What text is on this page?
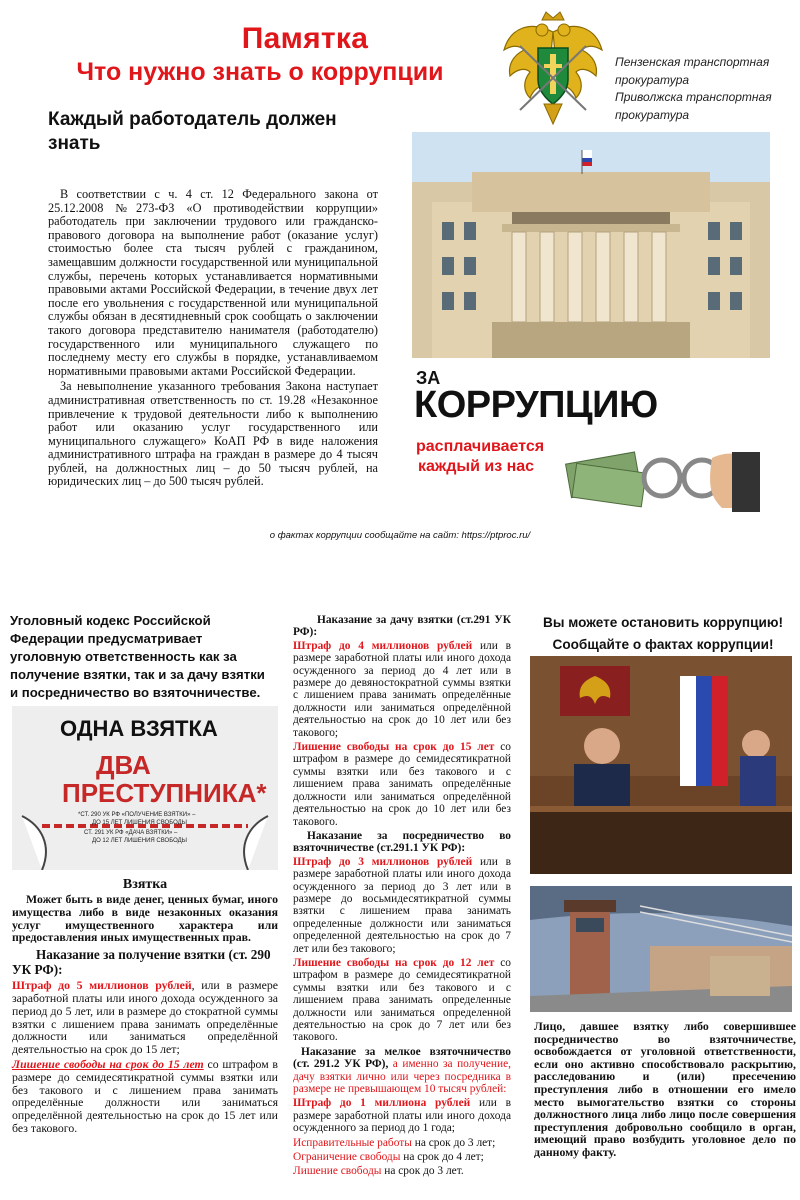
Памятка
Что нужно знать о коррупции	Пензенская транспортная прокуратура
Приволжска транспортная прокуратура
Каждый работодатель должен знать

В соответствии с ч. 4 ст. 12 Федерального закона от 25.12.2008 №273-ФЗ «О противодействии коррупции» работодатель при заключении трудового или гражданско-правового договора на выполнение работ (оказание услуг) стоимостью более ста тысяч рублей с гражданином, замещавшим должности государственной или муниципальной службы, перечень которых устанавливается нормативными правовыми актами Российской Федерации, в течение двух лет после его увольнения с государственной или муниципальной службы обязан в десятидневный срок сообщать о заключении такого договора представителю нанимателя (работодателю) государственного или муниципального служащего по последнему месту его службы в порядке, устанавливаемом нормативными правовыми актами Российской Федерации.

За невыполнение указанного требования Закона наступает административная ответственность по ст. 19.28 «Незаконное привлечение к трудовой деятельности либо к выполнению работ или оказанию услуг государственного или муниципального служащего» КоАП РФ в виде наложения административного штрафа на граждан в размере до 4 тысяч рублей, на должностных лиц – до 50 тысяч рублей, на юридических лиц – до 500 тысяч рублей.

ЗА
КОРРУПЦИЮ
расплачивается
каждый из нас
о фактах коррупции сообщайте на сайт: https://ptproc.ru/
Уголовный кодекс Российской Федерации предусматривает уголовную ответственность как за получение взятки, так и за дачу взятки и посредничество во взяточничестве.
ОДНА ВЗЯТКА
ДВА
ПРЕСТУПНИКА*
*СТ. 290 УК РФ «ПОЛУЧЕНИЕ ВЗЯТКИ» –
ДО 15 ЛЕТ ЛИШЕНИЯ СВОБОДЫ
СТ. 291 УК РФ «ДАЧА ВЗЯТКИ» –
ДО 12 ЛЕТ ЛИШЕНИЯ СВОБОДЫ
Взятка
Может быть в виде денег, ценных бумаг, иного имущества либо в виде незаконных оказания услуг имущественного характера или предоставления иных имущественных прав.
Наказание за получение взятки (ст. 290 УК РФ):
Штраф до 5 миллионов рублей, или в размере заработной платы или иного дохода осужденного за период до 5 лет, или в размере до стократной суммы взятки с лишением права занимать определённые должности или заниматься определённой деятельностью на срок до 15 лет;
Лишение свободы на срок до 15 лет со штрафом в размере до семидесятикратной суммы взятки или без такового и с лишением права занимать определённые должности или заниматься определённой деятельностью на срок до 15 лет или без такового.

Наказание за дачу взятки (ст.291 УК РФ):

Штраф до 4 миллионов рублей или в размере заработной платы или иного дохода осужденного за период до 4 лет или в размере до девяностократной суммы взятки с лишением права занимать определённые должности или заниматься определённой деятельностью на срок до 10 лет или без такового;

Лишение свободы на срок до 15 лет со штрафом в размере до семидесятикратной суммы взятки или без такового и с лишением права занимать определённые должности или заниматься определённой деятельностью на срок до 10 лет или без такового.

Наказание за посредничество во взяточничестве (ст.291.1 УК РФ):

Штраф до 3 миллионов рублей или в размере заработной платы или иного дохода осужденного за период до 3 лет или в размере до восьмидесятикратной суммы взятки с лишением права занимать определенные должности или заниматься определенной деятельностью на срок до 7 лет или без такового;

Лишение свободы на срок до 12 лет со штрафом в размере до семидесятикратной суммы взятки или без такового и с лишением права занимать определенные должности или заниматься определенной деятельностью на срок до 7 лет или без такового.

Наказание за мелкое взяточничество (ст. 291.2 УК РФ), а именно за получение, дачу взятки лично или через посредника в размере не превышающем 10 тысяч рублей:

Штраф до 1 миллиона рублей или в размере заработной платы или иного дохода осужденного за период до 1 года;

Исправительные работы на срок до 3 лет;

Ограничение свободы на срок до 4 лет;

Лишение свободы на срок до 3 лет.

Вы можете остановить коррупцию!
Сообщайте о фактах коррупции!
Лицо, давшее взятку либо совершившее посредничество во взяточничестве, освобождается от уголовной ответственности, если оно активно способствовало раскрытию, расследованию и (или) пресечению преступления либо в отношении его имело место вымогательство взятки со стороны должностного лица либо лицо после совершения преступления добровольно сообщило в орган, имеющий право возбудить уголовное дело по данному факту.
